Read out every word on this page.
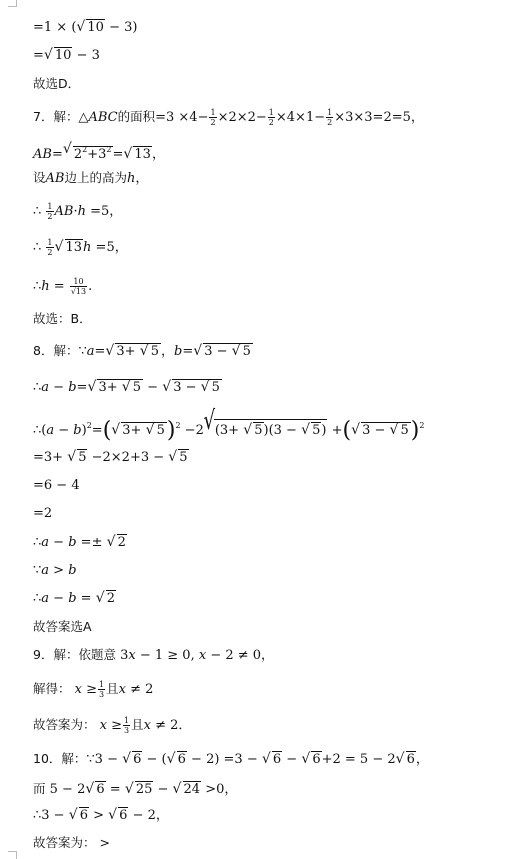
=1 × (√ 10 − 3)
=√ 10 − 3
故选D．
7．解：△ABC的面积$=3 \times 4- \frac{1}{2} \times 2\times 2- \frac{1}{2} \times 4\times 1- \frac{1}{2} \times 3\times 3=2=5$，
AB=√ $2^2+3^2=√$ 13，
设AB边上的高为h，
∴ $\frac{1}{2} AB\cdot h =5$，
∴ $\frac{1}{2}$
√ 13h =5，
∴h = $\frac{10}{√13}$ .
故选：B．
8．解：∵a=√ 3+ √ 5 ，b=√ 3 − √ 5
∴a − b=√ 3+ √ 5 − √ 3 − √ 5
∴(a − b)$^2$=(√ 3+ √ 5)$^2$ −2√ (3+ √ 5)(3 − √ 5) +(√ 3 − √ 5)$^2$
=3+ √ 5 −2×2+3 − √ 5
=6 − 4
=2
∴a − b =± √ 2
∵a > b
∴a − b = √ 2
故答案选A
9．解：依题意 3x − 1 ≥ 0, x − 2 ≠ 0，
解得： $x \ge \frac{1}{3}$ 且x ≠ 2
故答案为： $x \ge \frac{1}{3}$ 且x ≠ 2．
10．解：∵3 − √ 6 − (√ 6 − 2) =3 − √ 6 − √ 6+2 = 5 − 2√ 6，
而 5 − 2√ 6 = √ 25 − √ 24 >0，
∴3 − √ 6 > √ 6 − 2，
故答案为： >
